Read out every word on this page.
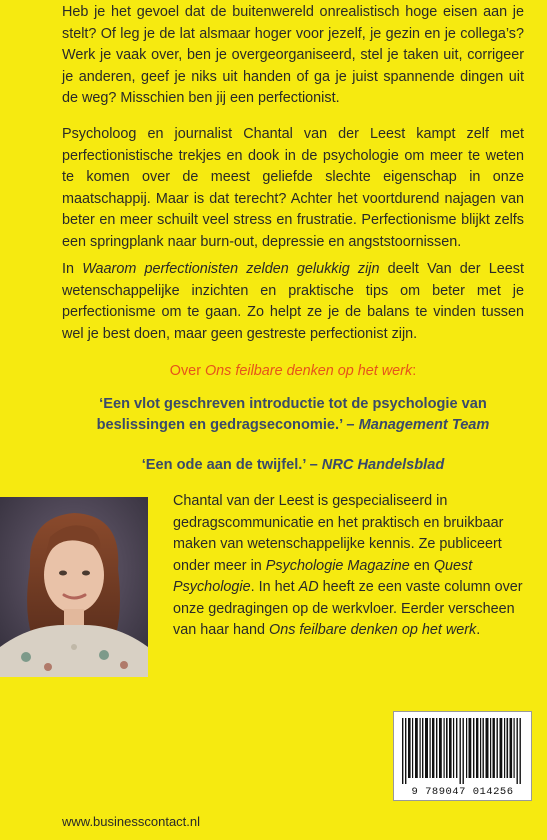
Heb je het gevoel dat de buitenwereld onrealistisch hoge eisen aan je stelt? Of leg je de lat alsmaar hoger voor jezelf, je gezin en je collega’s? Werk je vaak over, ben je overgeorganiseerd, stel je taken uit, corrigeer je anderen, geef je niks uit handen of ga je juist spannende dingen uit de weg? Misschien ben jij een perfectionist.

Psycholoog en journalist Chantal van der Leest kampt zelf met perfectionistische trekjes en dook in de psychologie om meer te weten te komen over de meest geliefde slechte eigenschap in onze maatschappij. Maar is dat terecht? Achter het voortdurend najagen van beter en meer schuilt veel stress en frustratie. Perfectionisme blijkt zelfs een springplank naar burn-out, depressie en angststoornissen.

In Waarom perfectionisten zelden gelukkig zijn deelt Van der Leest wetenschappelijke inzichten en praktische tips om beter met je perfectionisme om te gaan. Zo helpt ze je de balans te vinden tussen wel je best doen, maar geen gestreste perfectionist zijn.

Over Ons feilbare denken op het werk:
‘Een vlot geschreven introductie tot de psychologie van beslissingen en gedragseconomie.’ – Management Team
‘Een ode aan de twijfel.’ – NRC Handelsblad

Chantal van der Leest is gespecialiseerd in gedragscommunicatie en het praktisch en bruikbaar maken van wetenschappelijke kennis. Ze publiceert onder meer in Psychologie Magazine en Quest Psychologie. In het AD heeft ze een vaste column over onze gedragingen op de werkvloer. Eerder verscheen van haar hand Ons feilbare denken op het werk.

9 789047 014256
www.businesscontact.nl
